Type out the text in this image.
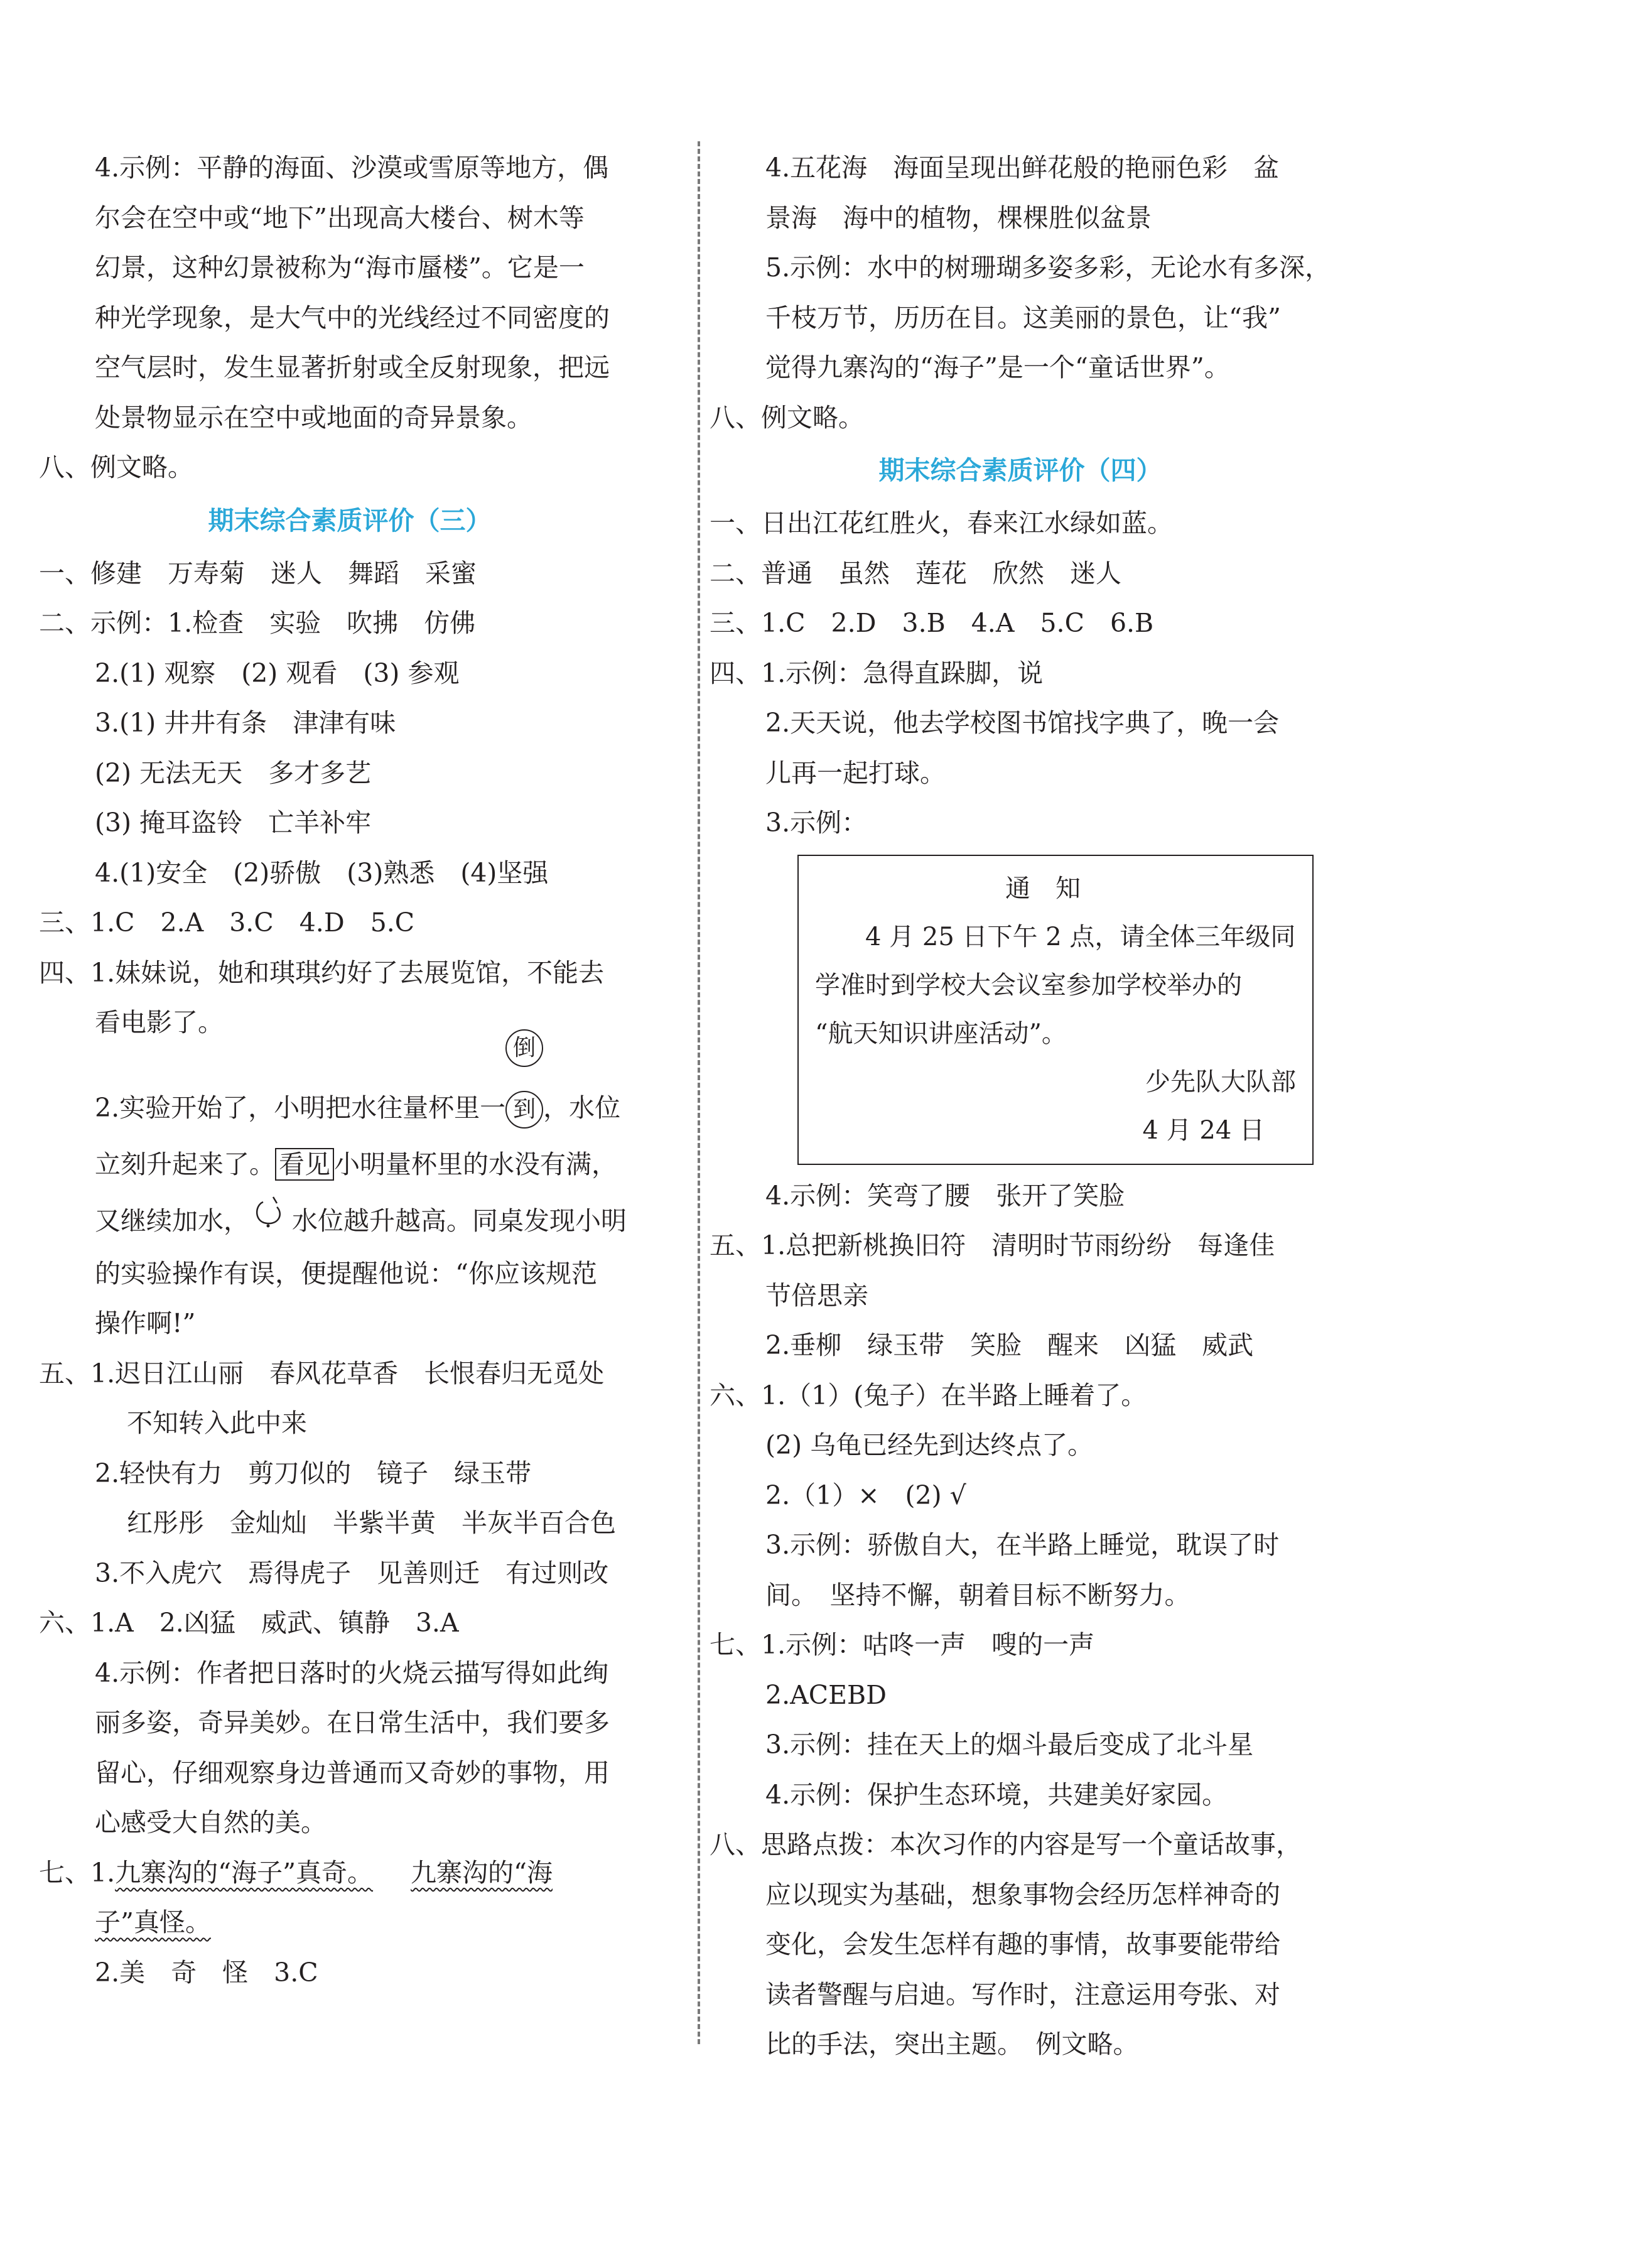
4.示例：平静的海面、沙漠或雪原等地方，偶
尔会在空中或“地下”出现高大楼台、树木等
幻景，这种幻景被称为“海市蜃楼”。它是一
种光学现象，是大气中的光线经过不同密度的
空气层时，发生显著折射或全反射现象，把远
处景物显示在空中或地面的奇异景象。
八、例文略。
期末综合素质评价（三）
一、修建　万寿菊　迷人　舞蹈　采蜜
二、示例：1.检查　实验　吹拂　仿佛
2.(1) 观察　(2) 观看　(3) 参观
3.(1) 井井有条　津津有味
(2) 无法无天　多才多艺
(3) 掩耳盗铃　亡羊补牢
4.(1)安全　(2)骄傲　(3)熟悉　(4)坚强
三、1.C　2.A　3.C　4.D　5.C
四、1.妹妹说，她和琪琪约好了去展览馆，不能去
看电影了。
2.实验开始了，小明把水往量杯里一
倒
到 ，水位
立刻升起来了。 看见 小明量杯里的水没有满，
又继续加水， 水位越升越高。同桌发现小明
的实验操作有误，便提醒他说：“你应该规范
操作啊!”
五、1.迟日江山丽　春风花草香　长恨春归无觅处
不知转入此中来
2.轻快有力　剪刀似的　镜子　绿玉带
红彤彤　金灿灿　半紫半黄　半灰半百合色
3.不入虎穴　焉得虎子　见善则迁　有过则改
六、1.A　2.凶猛　威武、镇静　3.A
4.示例：作者把日落时的火烧云描写得如此绚
丽多姿，奇异美妙。在日常生活中，我们要多
留心，仔细观察身边普通而又奇妙的事物，用
心感受大自然的美。
七、1.九寨沟的“海子”真奇。 九寨沟的“海
子”真怪。
2.美　奇　怪　3.C
4.五花海　海面呈现出鲜花般的艳丽色彩　盆
景海　海中的植物，棵棵胜似盆景
5.示例：水中的树珊瑚多姿多彩，无论水有多深，
千枝万节，历历在目。这美丽的景色，让“我”
觉得九寨沟的“海子”是一个“童话世界”。
八、例文略。
期末综合素质评价（四）
一、日出江花红胜火，春来江水绿如蓝。
二、普通　虽然　莲花　欣然　迷人
三、1.C　2.D　3.B　4.A　5.C　6.B
四、1.示例：急得直跺脚，说
2.天天说，他去学校图书馆找字典了，晚一会
儿再一起打球。
3.示例：
通知
4 月 25 日下午 2 点，请全体三年级同
学准时到学校大会议室参加学校举办的
“航天知识讲座活动”。
少先队大队部
4 月 24 日
4.示例：笑弯了腰　张开了笑脸
五、1.总把新桃换旧符　清明时节雨纷纷　每逢佳
节倍思亲
2.垂柳　绿玉带　笑脸　醒来　凶猛　威武
六、1.（1）(兔子）在半路上睡着了。
(2) 乌龟已经先到达终点了。
2.（1）×　(2) √
3.示例：骄傲自大，在半路上睡觉，耽误了时
间。　坚持不懈，朝着目标不断努力。
七、1.示例：咕咚一声　嗖的一声
2.ACEBD
3.示例：挂在天上的烟斗最后变成了北斗星
4.示例：保护生态环境，共建美好家园。
八、思路点拨：本次习作的内容是写一个童话故事，
应以现实为基础，想象事物会经历怎样神奇的
变化，会发生怎样有趣的事情，故事要能带给
读者警醒与启迪。写作时，注意运用夸张、对
比的手法，突出主题。　例文略。
